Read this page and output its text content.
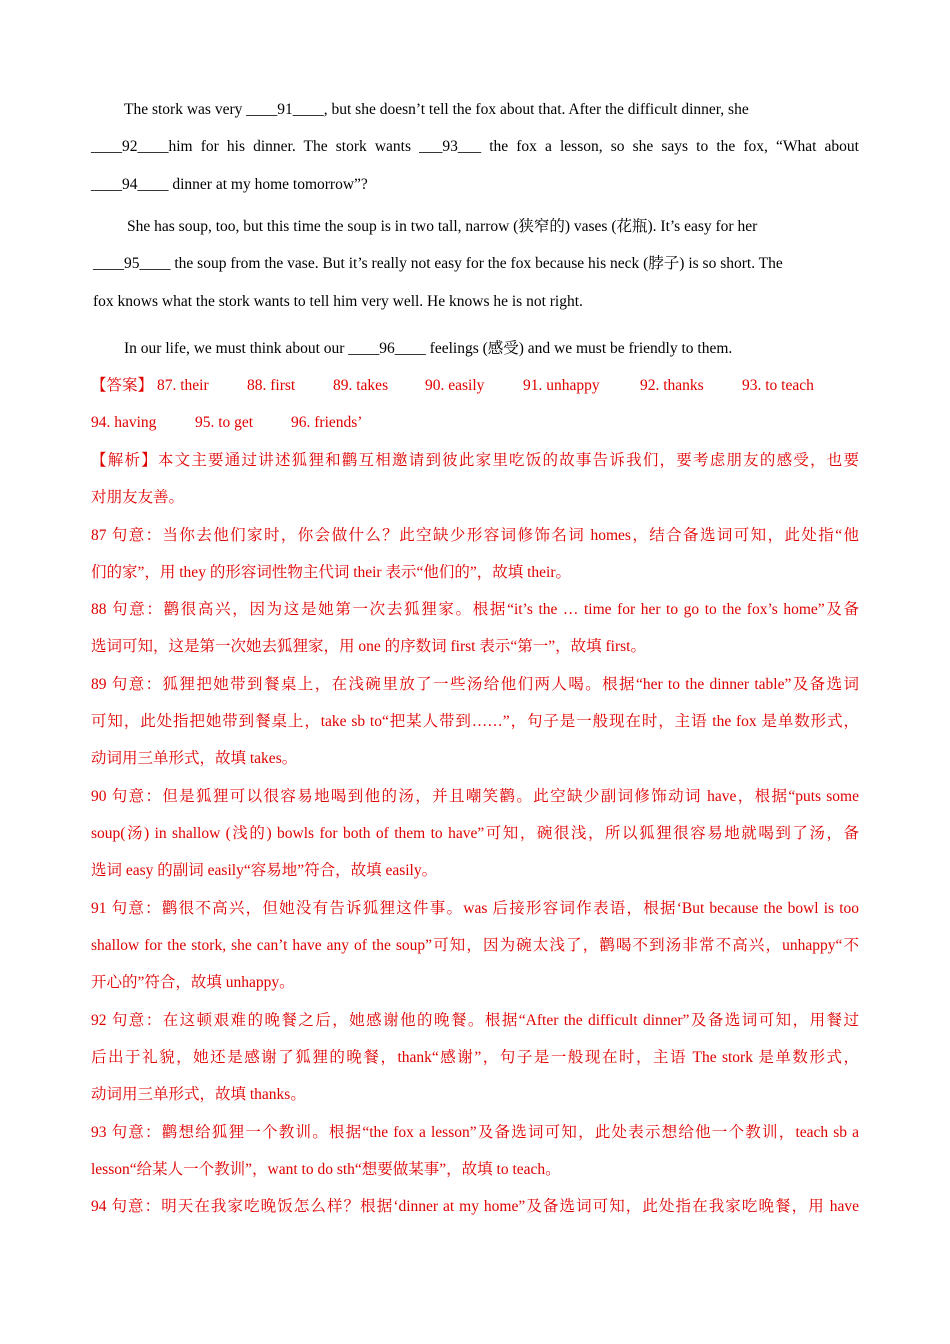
The stork was very ____91____, but she doesn’t tell the fox about that. After the difficult dinner, she
____92____him for his dinner. The stork wants ___93___ the fox a lesson, so she says to the fox, “What about
____94____ dinner at my home tomorrow”?
She has soup, too, but this time the soup is in two tall, narrow (狭窄的) vases (花瓶). It’s easy for her
____95____ the soup from the vase. But it’s really not easy for the fox because his neck (脖子) is so short. The
fox knows what the stork wants to tell him very well. He knows he is not right.
In our life, we must think about our ____96____ feelings (感受) and we must be friendly to them.
【答案】 87. their 88. first 89. takes 90. easily 91. unhappy	92. thanks 93. to teach
94. having 95. to get 96. friends’
【解析】本文主要通过讲述狐狸和鹳互相邀请到彼此家里吃饭的故事告诉我们，要考虑朋友的感受，也要
对朋友友善。
87 句意：当你去他们家时，你会做什么？此空缺少形容词修饰名词 homes，结合备选词可知，此处指“他
们的家”，用 they 的形容词性物主代词 their 表示“他们的”，故填 their。
88 句意：鹳很高兴，因为这是她第一次去狐狸家。根据“it’s the … time for her to go to the fox’s home”及备
选词可知，这是第一次她去狐狸家，用 one 的序数词 first 表示“第一”，故填 first。
89 句意：狐狸把她带到餐桌上，在浅碗里放了一些汤给他们两人喝。根据“her to the dinner table”及备选词
可知，此处指把她带到餐桌上，take sb to“把某人带到……”，句子是一般现在时，主语 the fox 是单数形式，
动词用三单形式，故填 takes。
90 句意：但是狐狸可以很容易地喝到他的汤，并且嘲笑鹳。此空缺少副词修饰动词 have，根据“puts some
soup(汤) in shallow (浅的) bowls for both of them to have”可知，碗很浅，所以狐狸很容易地就喝到了汤，备
选词 easy 的副词 easily“容易地”符合，故填 easily。
91 句意：鹳很不高兴，但她没有告诉狐狸这件事。was 后接形容词作表语，根据‘But because the bowl is too
shallow for the stork, she can’t have any of the soup”可知，因为碗太浅了，鹳喝不到汤非常不高兴，unhappy“不
开心的”符合，故填 unhappy。
92 句意：在这顿艰难的晚餐之后，她感谢他的晚餐。根据“After the difficult dinner”及备选词可知，用餐过
后出于礼貌，她还是感谢了狐狸的晚餐，thank“感谢”，句子是一般现在时，主语 The stork 是单数形式，
动词用三单形式，故填 thanks。
93 句意：鹳想给狐狸一个教训。根据“the fox a lesson”及备选词可知，此处表示想给他一个教训，teach sb a
lesson“给某人一个教训”，want to do sth“想要做某事”，故填 to teach。
94 句意：明天在我家吃晚饭怎么样？根据‘dinner at my home”及备选词可知，此处指在我家吃晚餐，用 have
